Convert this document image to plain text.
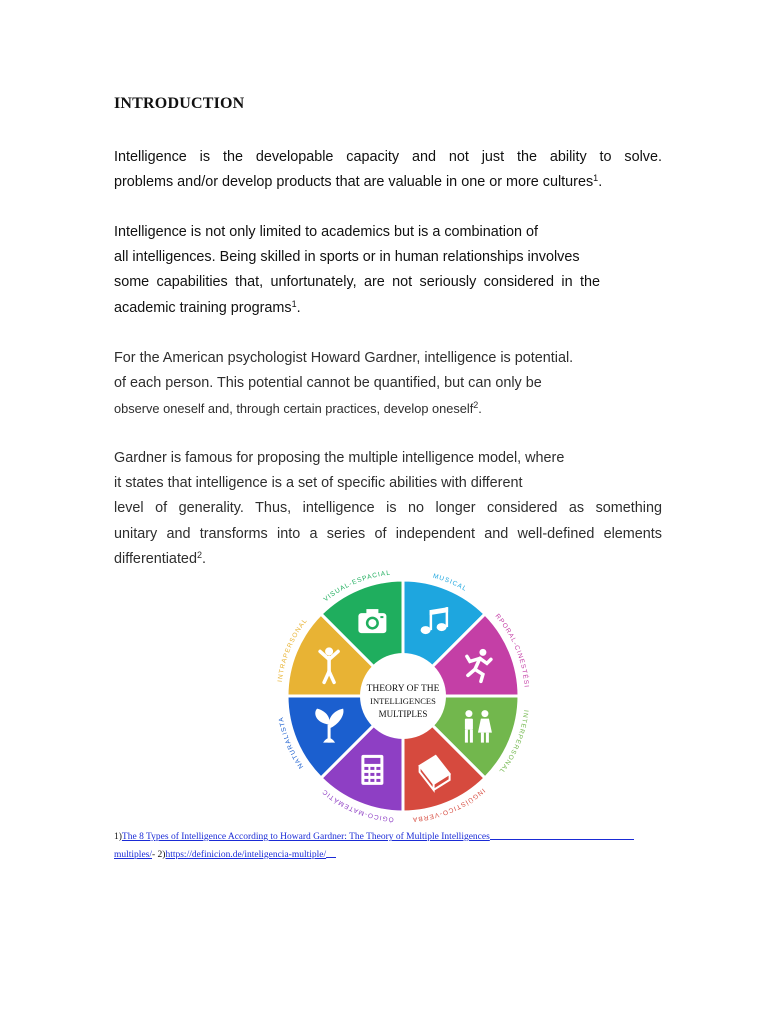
INTRODUCTION
Intelligence is the developable capacity and not just the ability to solve.
problems and/or develop products that are valuable in one or more cultures$^1$.
Intelligence is not only limited to academics but is a combination of
all intelligences. Being skilled in sports or in human relationships involves
some capabilities that, unfortunately, are not seriously considered in the
academic training programs$^1$.
For the American psychologist Howard Gardner, intelligence is potential.
of each person. This potential cannot be quantified, but can only be
observe oneself and, through certain practices, develop oneself$^2$.
Gardner is famous for proposing the multiple intelligence model, where
it states that intelligence is a set of specific abilities with different
level of generality. Thus, intelligence is no longer considered as something
unitary and transforms into a series of independent and well-defined elements
differentiated$^2$.
MUSICAL
RPORAL-CINESTÉSI
INTERPERSONAL
INGÜÍSTICO-VERBA
ÓGICO-MATEMÁTIC
NATURALISTA
INTRAPERSONAL
VISUAL-ESPACIAL
THEORY OF THE
INTELLIGENCES
MULTIPLES
1)The 8 Types of Intelligence According to Howard Gardner: The Theory of Multiple Intelligences
multiples/- 2)https://definicion.de/inteligencia-multiple/
